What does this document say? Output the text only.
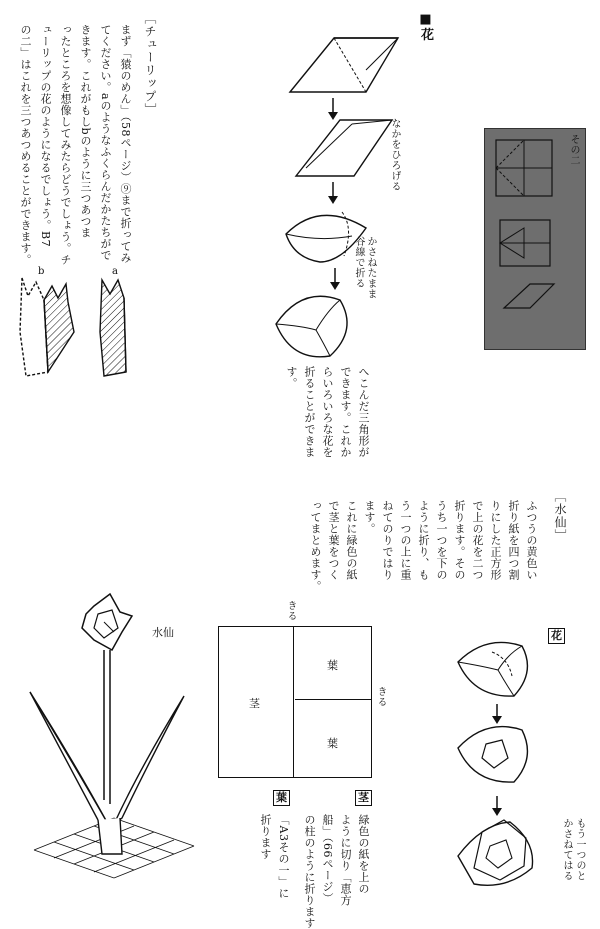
［チューリップ］
まず「猿のめん」（58ページ）⑨まで折ってみ
てください。aのようなふくらんだかたちがで
きます。これがもしbのように三つあつま
ったところを想像してみたらどうでしょう。チ
ューリップの花のようになるでしょう。B7
の二」はこれを三つあつめることができます。
b	a
■花
なかをひろげる
かさねたまま
谷線で折る
へこんだ三角形が
できます。これか
らいろいろな花を
折ることができま
す。
その二
［水仙］
ふつうの黄色い
折り紙を四つ割
りにした正方形
で上の花を二つ
折ります。その
うち一つを下の
ように折り、も
う一つの上に重
ねてのりではり
ます。
これに緑色の紙
で茎と葉をつく
ってまとめます。
水仙
きる
きる
茎
葉
葉
茎
緑色の紙を上の
ように切り「恵方
船」（66ページ）
の柱のように折ります
葉
「A3その一」に
折ります
花
もう一つのと
かさねてはる
